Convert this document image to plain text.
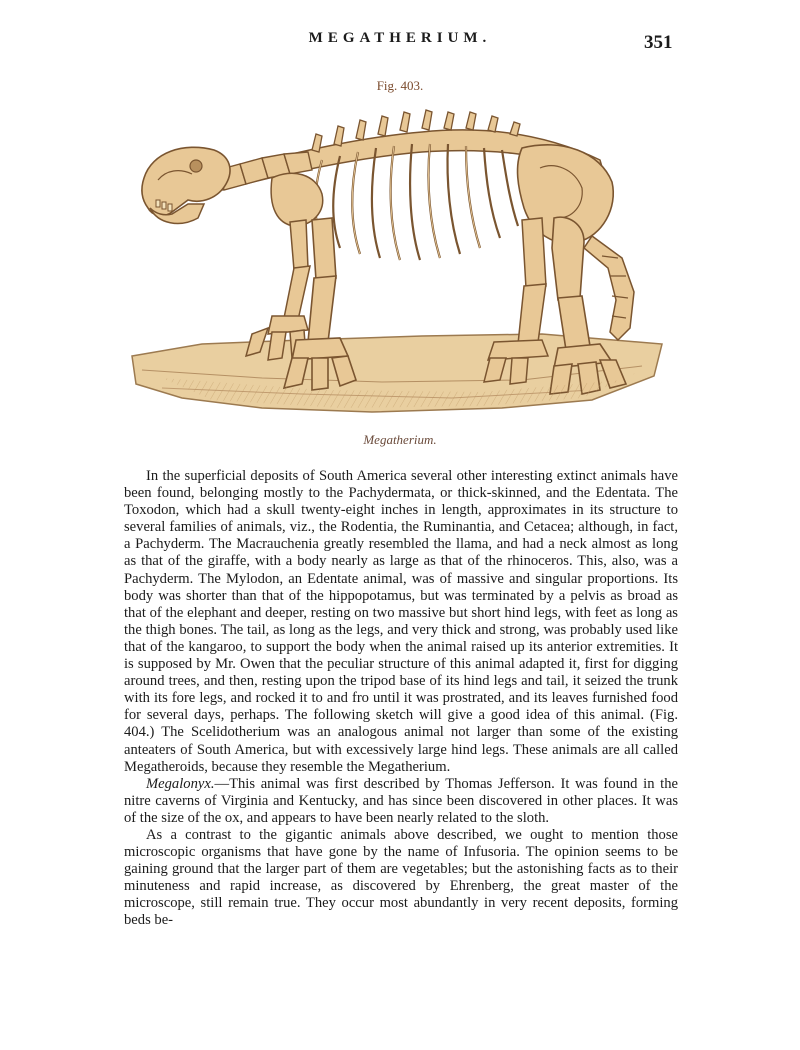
MEGATHERIUM.	351
Fig. 403.
Megatherium.

In the superficial deposits of South America several other interesting extinct animals have been found, belonging mostly to the Pachydermata, or thick-skinned, and the Edentata. The Toxodon, which had a skull twenty-eight inches in length, approximates in its structure to several families of animals, viz., the Rodentia, the Ruminantia, and Cetacea; although, in fact, a Pachyderm. The Macrauchenia greatly resembled the llama, and had a neck almost as long as that of the giraffe, with a body nearly as large as that of the rhinoceros. This, also, was a Pachyderm. The Mylodon, an Edentate animal, was of massive and singular proportions. Its body was shorter than that of the hippopotamus, but was terminated by a pelvis as broad as that of the elephant and deeper, resting on two massive but short hind legs, with feet as long as the thigh bones. The tail, as long as the legs, and very thick and strong, was probably used like that of the kangaroo, to support the body when the animal raised up its anterior extremities. It is supposed by Mr. Owen that the peculiar structure of this animal adapted it, first for digging around trees, and then, resting upon the tripod base of its hind legs and tail, it seized the trunk with its fore legs, and rocked it to and fro until it was prostrated, and its leaves furnished food for several days, perhaps. The following sketch will give a good idea of this animal. (Fig. 404.) The Scelidotherium was an analogous animal not larger than some of the existing anteaters of South America, but with excessively large hind legs. These animals are all called Megatheroids, because they resemble the Megatherium.

Megalonyx.—This animal was first described by Thomas Jefferson. It was found in the nitre caverns of Virginia and Kentucky, and has since been discovered in other places. It was of the size of the ox, and appears to have been nearly related to the sloth.

As a contrast to the gigantic animals above described, we ought to mention those microscopic organisms that have gone by the name of Infusoria. The opinion seems to be gaining ground that the larger part of them are vegetables; but the astonishing facts as to their minuteness and rapid increase, as discovered by Ehrenberg, the great master of the microscope, still remain true. They occur most abundantly in very recent deposits, forming beds be-
